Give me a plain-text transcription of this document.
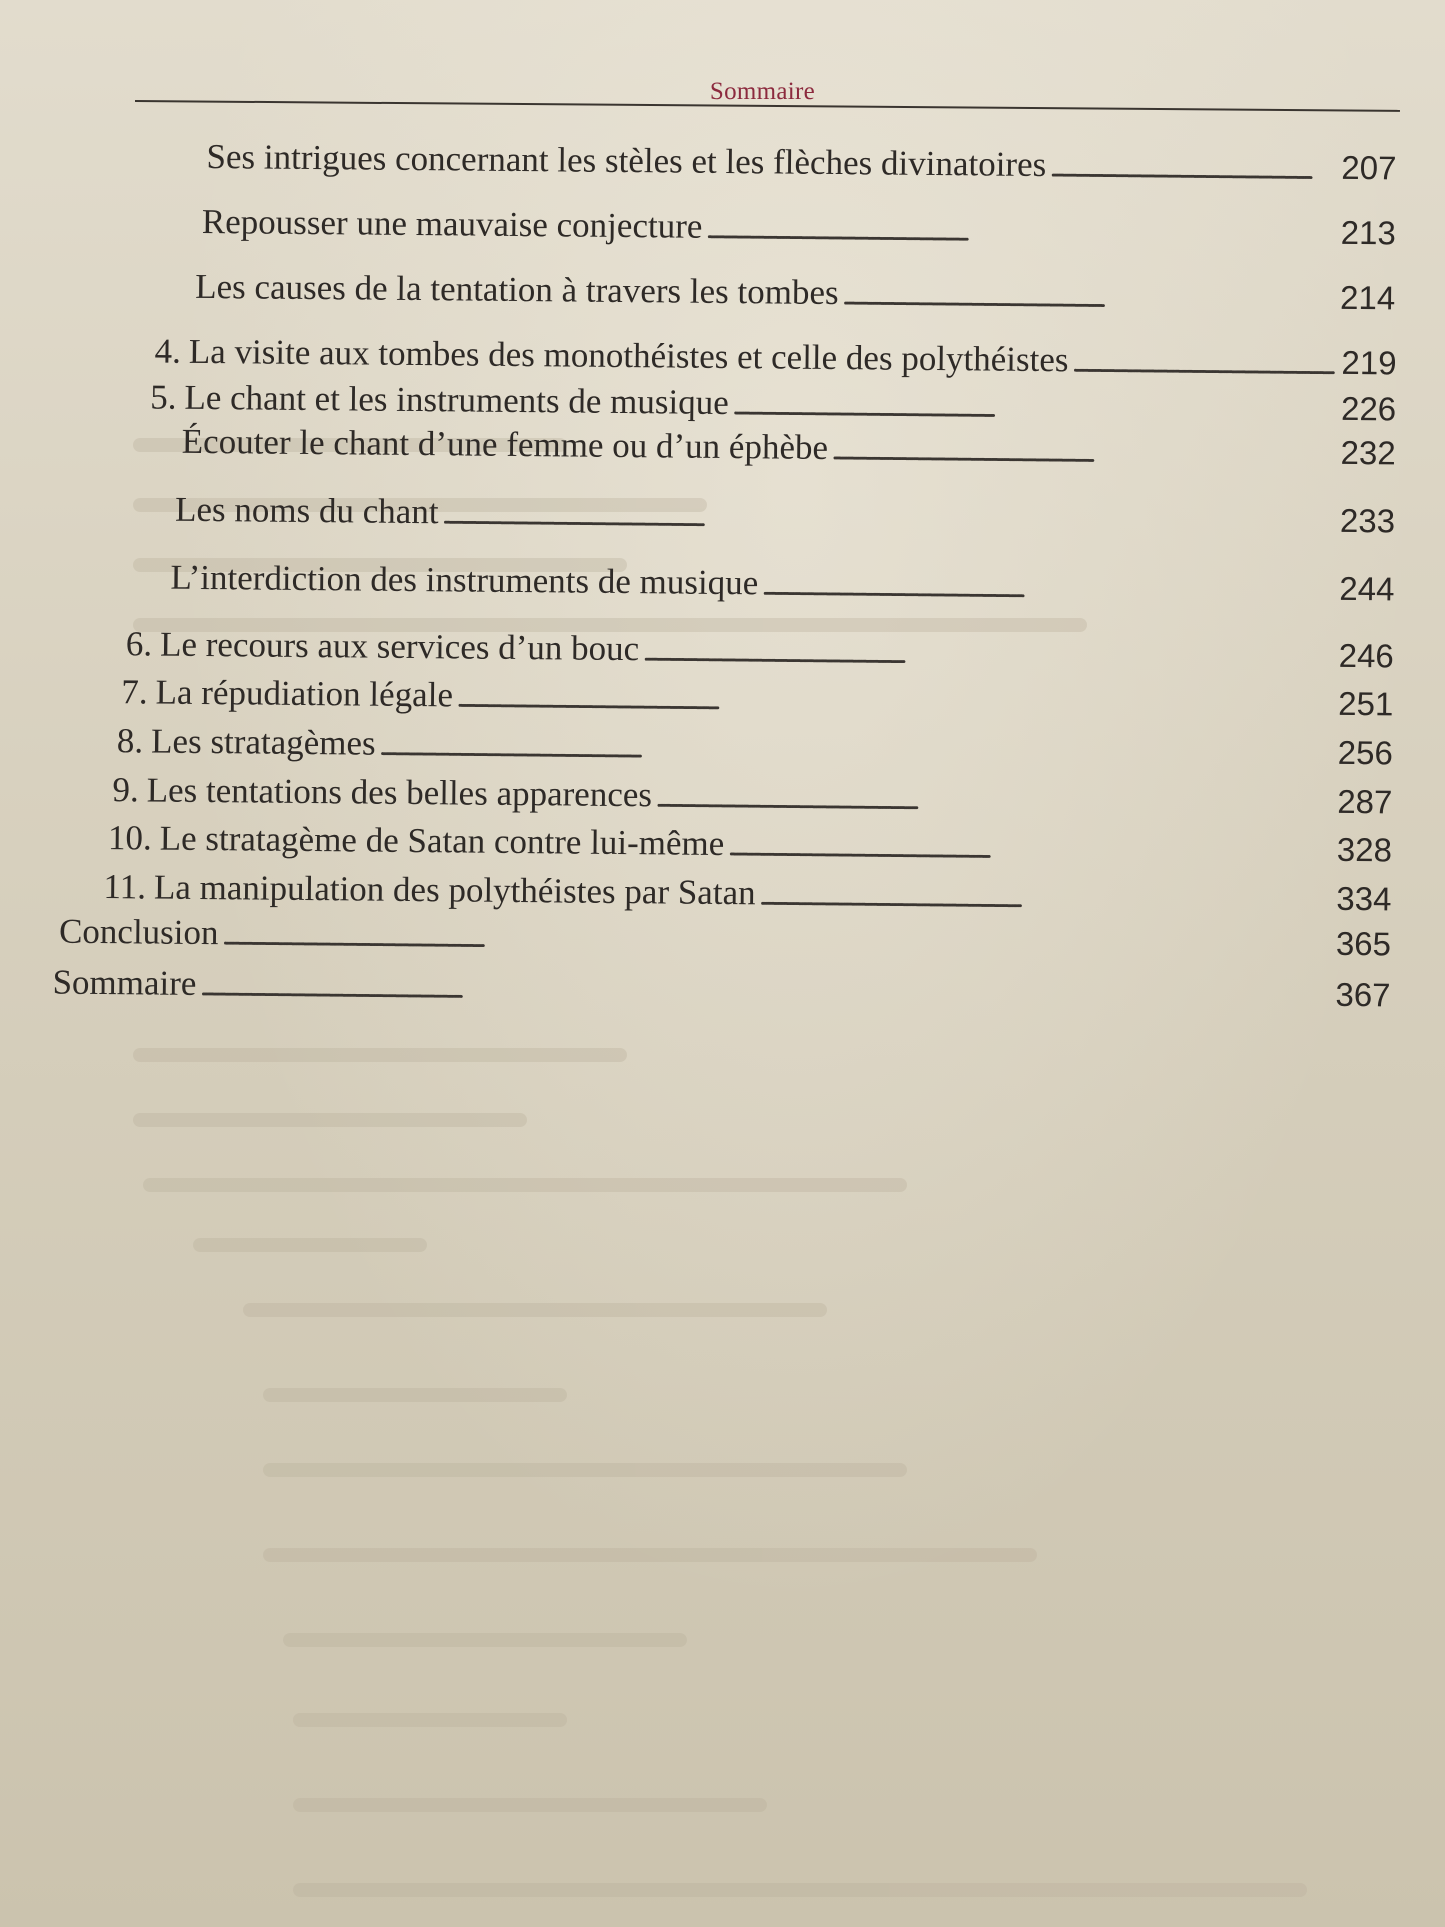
Sommaire
Ses intrigues concernant les stèles et les flèches divinatoires . . .	207
Repousser une mauvaise conjecture . . .	213
Les causes de la tentation à travers les tombes . . .	214
4. La visite aux tombes des monothéistes et celle des polythéistes . . .	219
5. Le chant et les instruments de musique . . .	226
Écouter le chant d’une femme ou d’un éphèbe . . .	232
Les noms du chant . . .	233
L’interdiction des instruments de musique . . .	244
6. Le recours aux services d’un bouc . . .	246
7. La répudiation légale . . .	251
8. Les stratagèmes . . .	256
9. Les tentations des belles apparences . . .	287
10. Le stratagème de Satan contre lui-même . . .	328
11. La manipulation des polythéistes par Satan . . .	334
Conclusion . . .	365
Sommaire . . .	367
